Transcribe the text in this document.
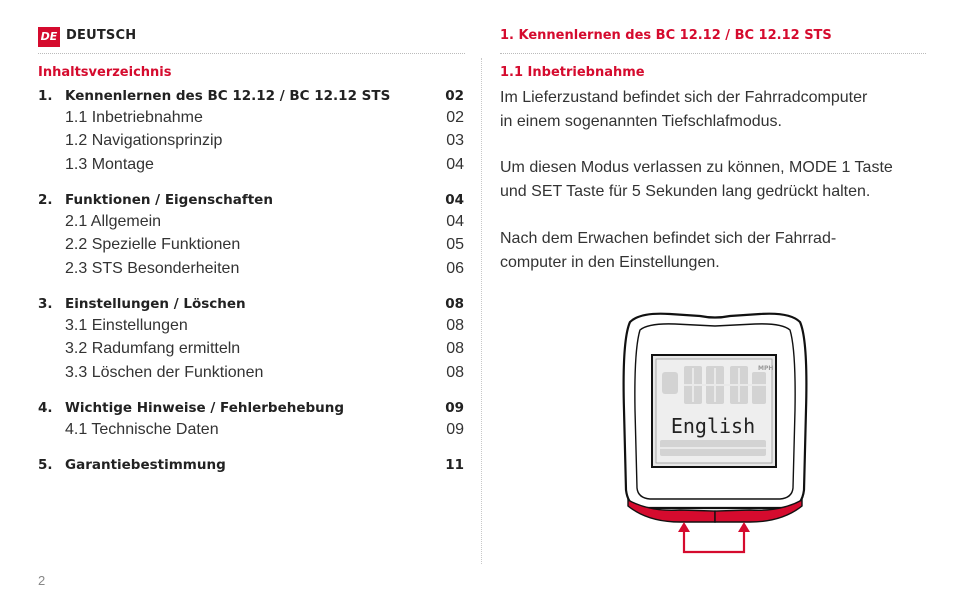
DE DEUTSCH	1. Kennenlernen des BC 12.12 / BC 12.12 STS
Inhaltsverzeichnis
1. Kennenlernen des BC 12.12 / BC 12.12 STS	02
1.1 Inbetriebnahme	02
1.2 Navigationsprinzip	03
1.3 Montage	04
2. Funktionen / Eigenschaften	04
2.1 Allgemein	04
2.2 Spezielle Funktionen	05
2.3 STS Besonderheiten	06
3. Einstellungen / Löschen	08
3.1 Einstellungen	08
3.2 Radumfang ermitteln	08
3.3 Löschen der Funktionen	08
4. Wichtige Hinweise / Fehlerbehebung	09
4.1 Technische Daten	09
5. Garantiebestimmung	11
1.1 Inbetriebnahme
Im Lieferzustand befindet sich der Fahrradcomputer
in einem sogenannten Tiefschlafmodus.
Um diesen Modus verlassen zu können, MODE 1 Taste
und SET Taste für 5 Sekunden lang gedrückt halten.
Nach dem Erwachen befindet sich der Fahrrad-
computer in den Einstellungen.
MPH
English
2
